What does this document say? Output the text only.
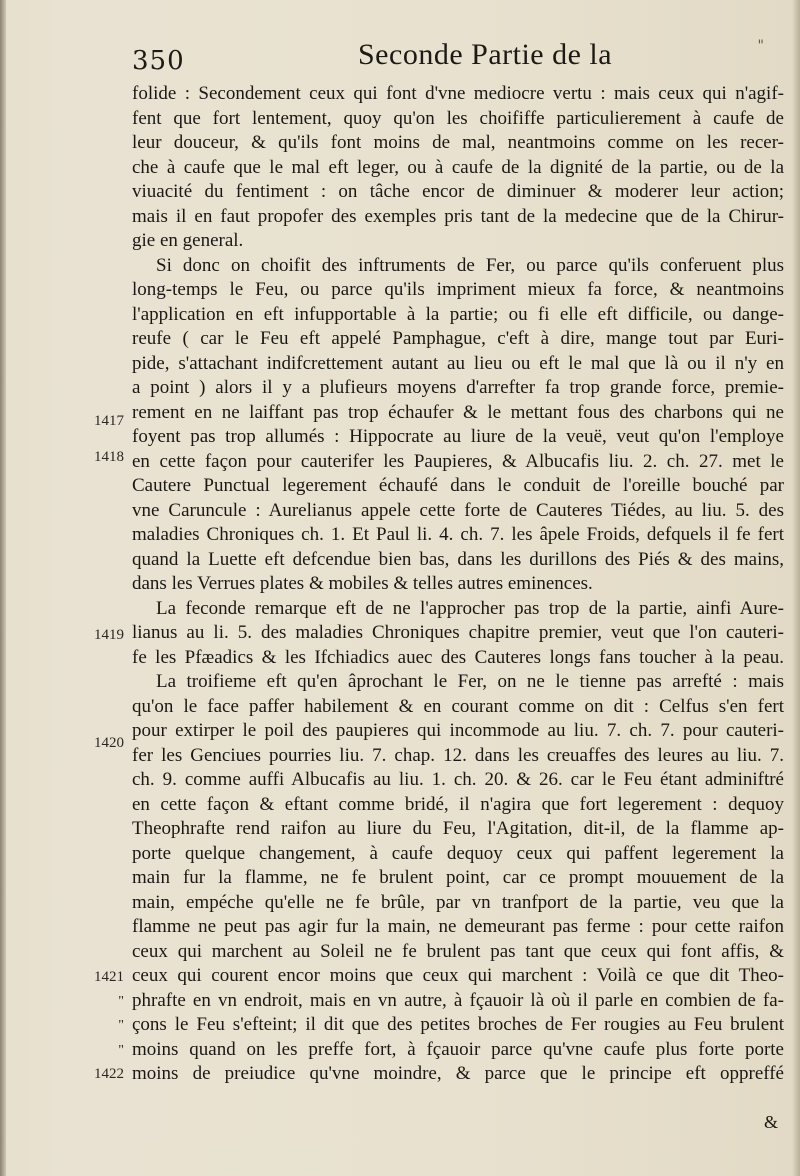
350	Seconde Partie de la	"
1417
1418
1419
1420
1421
"
"
"
1422
folide : Secondement ceux qui font d'vne mediocre vertu : mais ceux qui n'agif-
fent que fort lentement, quoy qu'on les choififfe particulierement à caufe de
leur douceur, & qu'ils font moins de mal, neantmoins comme on les recer-
che à caufe que le mal eft leger, ou à caufe de la dignité de la partie, ou de la
viuacité du fentiment : on tâche encor de diminuer & moderer leur action;
mais il en faut propofer des exemples pris tant de la medecine que de la Chirur-
gie en general.
Si donc on choifit des inftruments de Fer, ou parce qu'ils conferuent plus
long-temps le Feu, ou parce qu'ils impriment mieux fa force, & neantmoins
l'application en eft infupportable à la partie; ou fi elle eft difficile, ou dange-
reufe ( car le Feu eft appelé Pamphague, c'eft à dire, mange tout par Euri-
pide, s'attachant indifcrettement autant au lieu ou eft le mal que là ou il n'y en
a point ) alors il y a plufieurs moyens d'arrefter fa trop grande force, premie-
rement en ne laiffant pas trop échaufer & le mettant fous des charbons qui ne
foyent pas trop allumés : Hippocrate au liure de la veuë, veut qu'on l'employe
en cette façon pour cauterifer les Paupieres, & Albucafis liu. 2. ch. 27. met le
Cautere Punctual legerement échaufé dans le conduit de l'oreille bouché par
vne Caruncule : Aurelianus appele cette forte de Cauteres Tiédes, au liu. 5. des
maladies Chroniques ch. 1. Et Paul li. 4. ch. 7. les âpele Froids, defquels il fe fert
quand la Luette eft defcendue bien bas, dans les durillons des Piés & des mains,
dans les Verrues plates & mobiles & telles autres eminences.
La feconde remarque eft de ne l'approcher pas trop de la partie, ainfi Aure-
lianus au li. 5. des maladies Chroniques chapitre premier, veut que l'on cauteri-
fe les Pfæadics & les Ifchiadics auec des Cauteres longs fans toucher à la peau.
La troifieme eft qu'en âprochant le Fer, on ne le tienne pas arrefté : mais
qu'on le face paffer habilement & en courant comme on dit : Celfus s'en fert
pour extirper le poil des paupieres qui incommode au liu. 7. ch. 7. pour cauteri-
fer les Genciues pourries liu. 7. chap. 12. dans les creuaffes des leures au liu. 7.
ch. 9. comme auffi Albucafis au liu. 1. ch. 20. & 26. car le Feu étant adminiftré
en cette façon & eftant comme bridé, il n'agira que fort legerement : dequoy
Theophrafte rend raifon au liure du Feu, l'Agitation, dit-il, de la flamme ap-
porte quelque changement, à caufe dequoy ceux qui paffent legerement la
main fur la flamme, ne fe brulent point, car ce prompt mouuement de la
main, empéche qu'elle ne fe brûle, par vn tranfport de la partie, veu que la
flamme ne peut pas agir fur la main, ne demeurant pas ferme : pour cette raifon
ceux qui marchent au Soleil ne fe brulent pas tant que ceux qui font affis, &
ceux qui courent encor moins que ceux qui marchent : Voilà ce que dit Theo-
phrafte en vn endroit, mais en vn autre, à fçauoir là où il parle en combien de fa-
çons le Feu s'efteint; il dit que des petites broches de Fer rougies au Feu brulent
moins quand on les preffe fort, à fçauoir parce qu'vne caufe plus forte porte
moins de preiudice qu'vne moindre, & parce que le principe eft oppreffé
&
